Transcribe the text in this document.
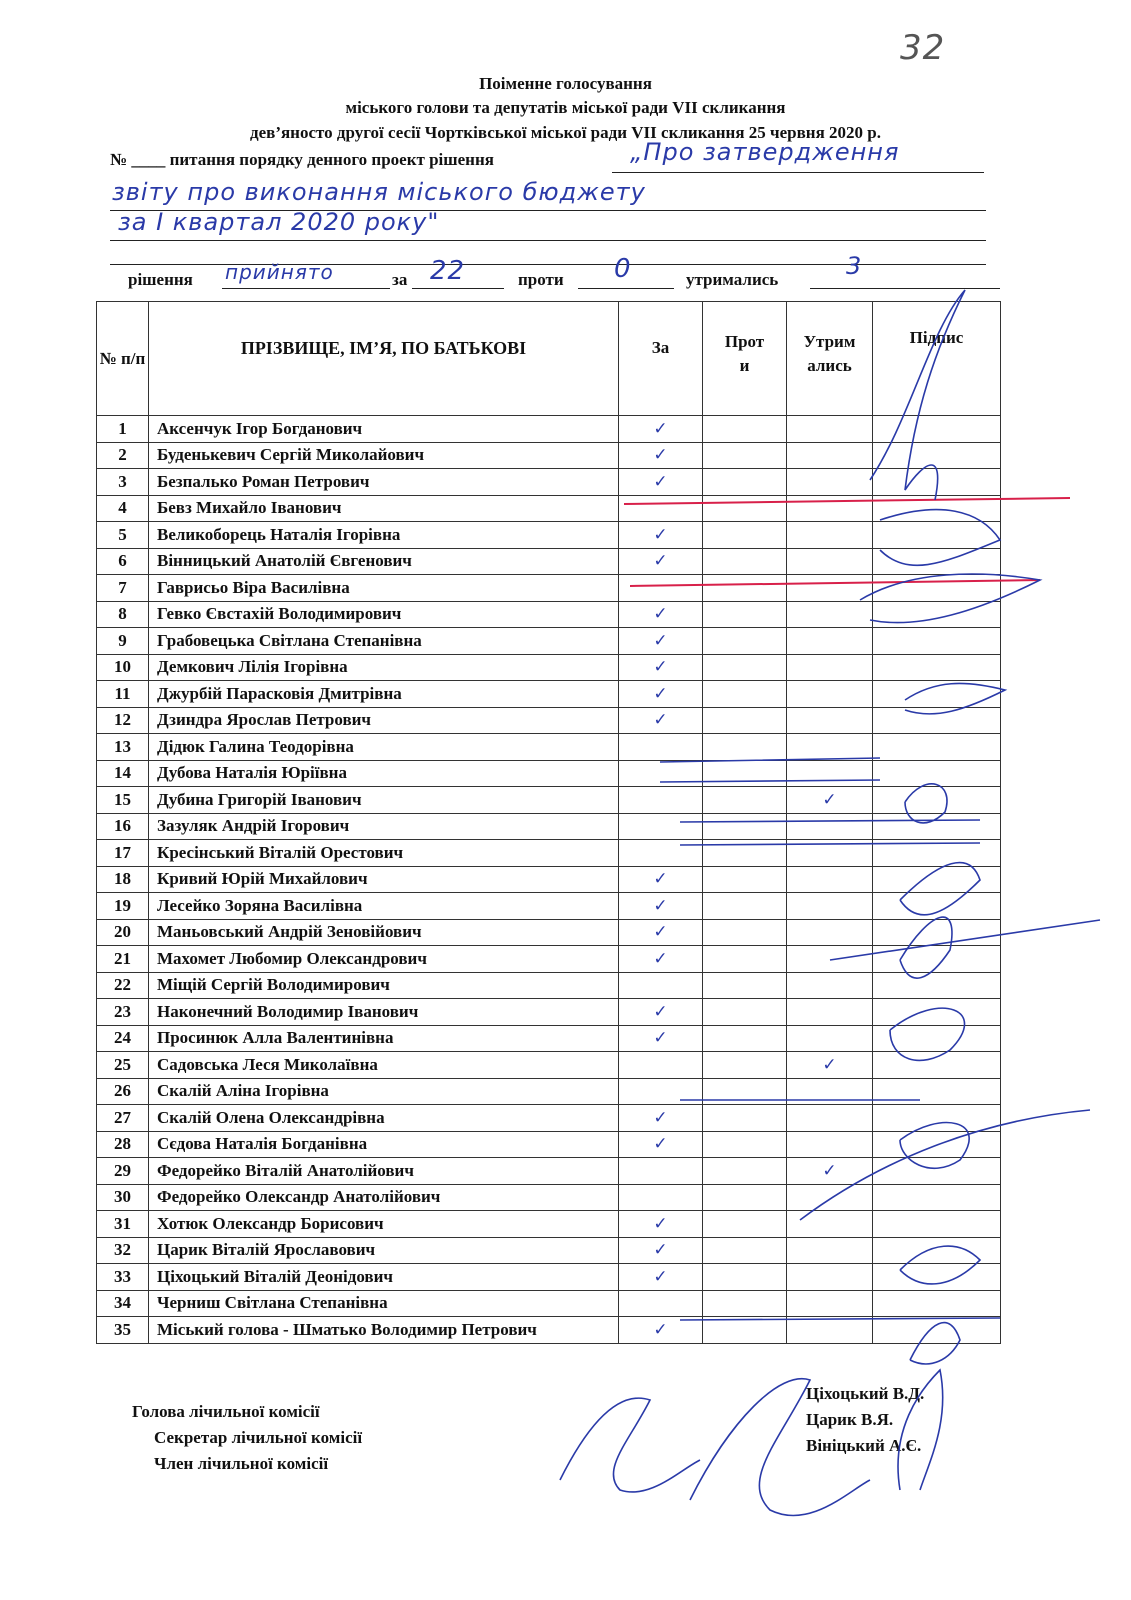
32
Поіменне голосування
міського голови та депутатів міської ради VII скликання
дев’яносто другої сесії Чортківської міської ради VII скликання 25 червня 2020 р.
№ ____ питання порядку денного проект рішення	„Про затвердження
звіту про виконання міського бюджету
за І квартал 2020 року"
рішення прийнято	за 22	проти 0	утримались	3
№ п/п	ПРІЗВИЩЕ, ІМ’Я, ПО БАТЬКОВІ	За	Проти	Утримались	Підпис
1	Аксенчук Ігор Богданович	✓			
2	Буденькевич Сергій Миколайович	✓			
3	Безпалько Роман Петрович	✓			
4	Бевз Михайло Іванович				
5	Великоборець Наталія Ігорівна	✓			
6	Вінницький Анатолій Євгенович	✓			
7	Гаврисьо Віра Василівна				
8	Гевко Євстахій Володимирович	✓			
9	Грабовецька Світлана Степанівна	✓			
10	Демкович Лілія Ігорівна	✓			
11	Джурбій Парасковія Дмитрівна	✓			
12	Дзиндра Ярослав Петрович	✓			
13	Дідюк Галина Теодорівна				
14	Дубова Наталія Юріївна				
15	Дубина Григорій Іванович			✓	
16	Зазуляк Андрій Ігорович				
17	Кресінський Віталій Орестович				
18	Кривий Юрій Михайлович	✓			
19	Лесейко Зоряна Василівна	✓			
20	Маньовський Андрій Зеновійович	✓			
21	Махомет Любомир Олександрович	✓			
22	Міщій Сергій Володимирович				
23	Наконечний Володимир Іванович	✓			
24	Просинюк Алла Валентинівна	✓			
25	Садовська Леся Миколаївна			✓	
26	Скалій Аліна Ігорівна				
27	Скалій Олена Олександрівна	✓			
28	Сєдова Наталія Богданівна	✓			
29	Федорейко Віталій Анатолійович			✓	
30	Федорейко Олександр Анатолійович				
31	Хотюк Олександр Борисович	✓			
32	Царик Віталій Ярославович	✓			
33	Ціхоцький Віталій Деонідович	✓			
34	Черниш Світлана Степанівна				
35	Міський голова - Шматько Володимир Петрович	✓			
Голова лічильної комісії
Секретар лічильної комісії
Член лічильної комісії
Ціхоцький В.Д.
Царик В.Я.
Вініцький А.Є.
